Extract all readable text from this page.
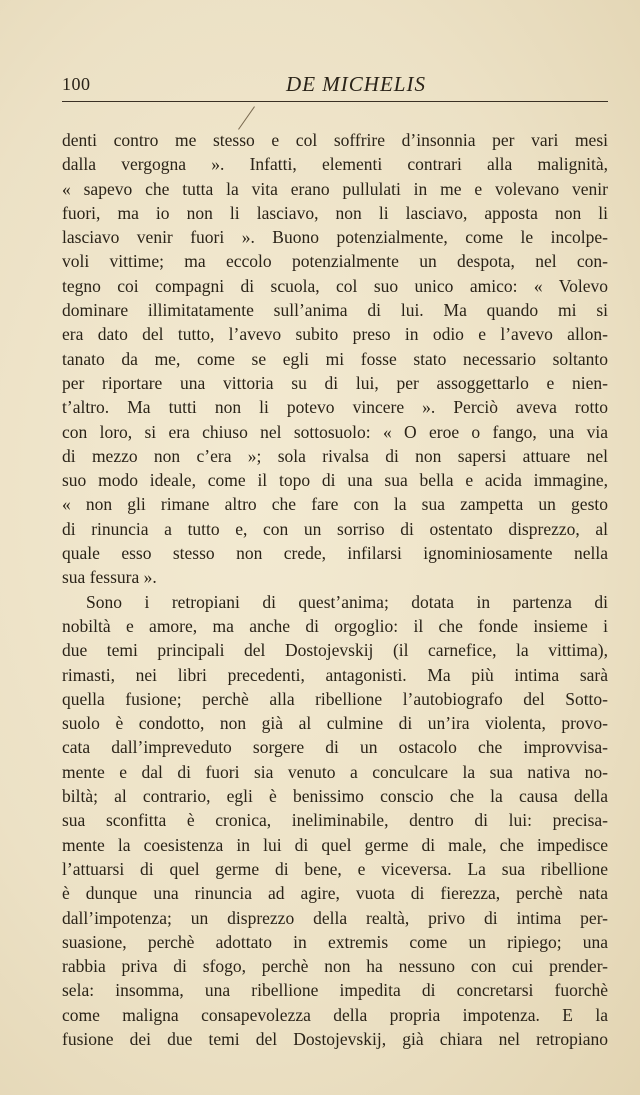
100	DE MICHELIS
denti contro me stesso e col soffrire d’insonnia per vari mesi
dalla vergogna ». Infatti, elementi contrari alla malignità,
« sapevo che tutta la vita erano pullulati in me e volevano venir
fuori, ma io non li lasciavo, non li lasciavo, apposta non li
lasciavo venir fuori ». Buono potenzialmente, come le incolpe-
voli vittime; ma eccolo potenzialmente un despota, nel con-
tegno coi compagni di scuola, col suo unico amico: « Volevo
dominare illimitatamente sull’anima di lui. Ma quando mi si
era dato del tutto, l’avevo subito preso in odio e l’avevo allon-
tanato da me, come se egli mi fosse stato necessario soltanto
per riportare una vittoria su di lui, per assoggettarlo e nien-
t’altro. Ma tutti non li potevo vincere ». Perciò aveva rotto
con loro, si era chiuso nel sottosuolo: « O eroe o fango, una via
di mezzo non c’era »; sola rivalsa di non sapersi attuare nel
suo modo ideale, come il topo di una sua bella e acida immagine,
« non gli rimane altro che fare con la sua zampetta un gesto
di rinuncia a tutto e, con un sorriso di ostentato disprezzo, al
quale esso stesso non crede, infilarsi ignominiosamente nella
sua fessura ».
Sono i retropiani di quest’anima; dotata in partenza di
nobiltà e amore, ma anche di orgoglio: il che fonde insieme i
due temi principali del Dostojevskij (il carnefice, la vittima),
rimasti, nei libri precedenti, antagonisti. Ma più intima sarà
quella fusione; perchè alla ribellione l’autobiografo del Sotto-
suolo è condotto, non già al culmine di un’ira violenta, provo-
cata dall’impreveduto sorgere di un ostacolo che improvvisa-
mente e dal di fuori sia venuto a conculcare la sua nativa no-
biltà; al contrario, egli è benissimo conscio che la causa della
sua sconfitta è cronica, ineliminabile, dentro di lui: precisa-
mente la coesistenza in lui di quel germe di male, che impedisce
l’attuarsi di quel germe di bene, e viceversa. La sua ribellione
è dunque una rinuncia ad agire, vuota di fierezza, perchè nata
dall’impotenza; un disprezzo della realtà, privo di intima per-
suasione, perchè adottato in extremis come un ripiego; una
rabbia priva di sfogo, perchè non ha nessuno con cui prender-
sela: insomma, una ribellione impedita di concretarsi fuorchè
come maligna consapevolezza della propria impotenza. E la
fusione dei due temi del Dostojevskij, già chiara nel retropiano
